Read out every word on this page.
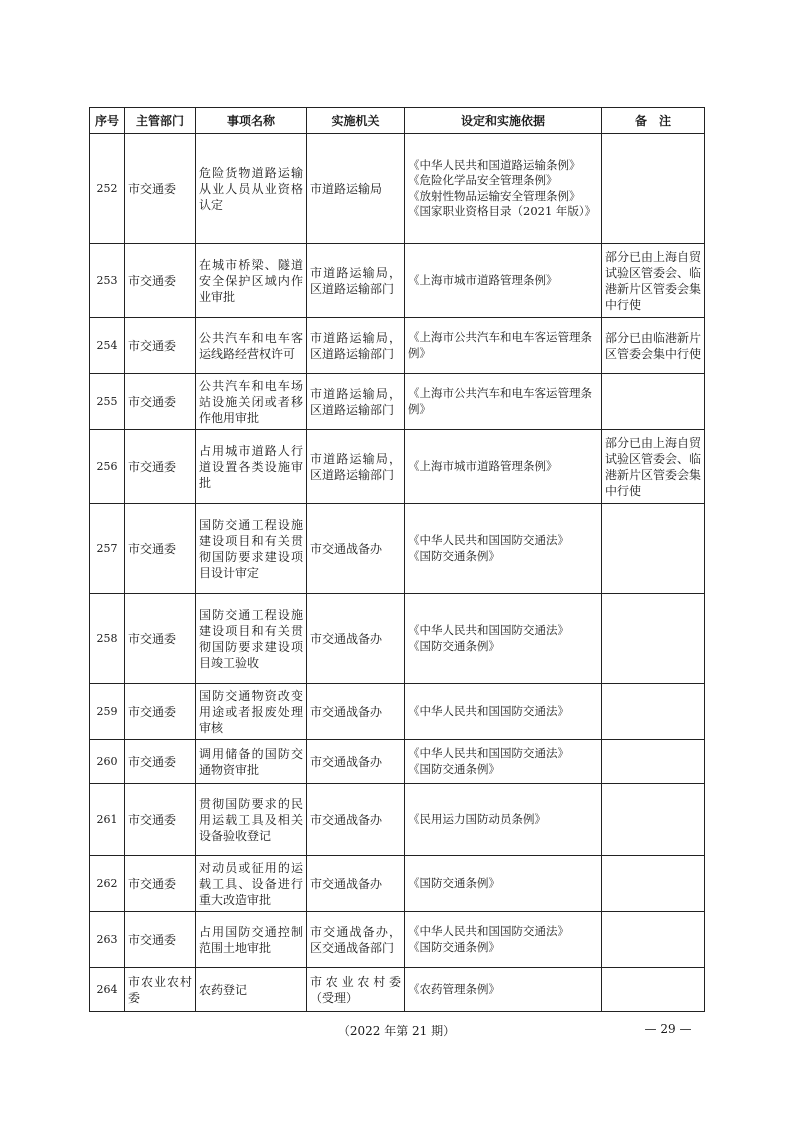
序号	主管部门	事项名称	实施机关	设定和实施依据	备　注
252	市交通委	危险货物道路运输从业人员从业资格认定	市道路运输局	《中华人民共和国道路运输条例》
《危险化学品安全管理条例》
《放射性物品运输安全管理条例》
《国家职业资格目录（2021 年版）》	

253	市交通委	在城市桥梁、隧道安全保护区域内作业审批	市道路运输局，区道路运输部门	《上海市城市道路管理条例》	部分已由上海自贸试验区管委会、临港新片区管委会集中行使
254	市交通委	公共汽车和电车客运线路经营权许可	市道路运输局，区道路运输部门	《上海市公共汽车和电车客运管理条例》	部分已由临港新片区管委会集中行使
255	市交通委	公共汽车和电车场站设施关闭或者移作他用审批	市道路运输局，区道路运输部门	《上海市公共汽车和电车客运管理条例》	

256	市交通委	占用城市道路人行道设置各类设施审批	市道路运输局，区道路运输部门	《上海市城市道路管理条例》	部分已由上海自贸试验区管委会、临港新片区管委会集中行使
257	市交通委	国防交通工程设施建设项目和有关贯彻国防要求建设项目设计审定	市交通战备办	《中华人民共和国国防交通法》
《国防交通条例》	

258	市交通委	国防交通工程设施建设项目和有关贯彻国防要求建设项目竣工验收	市交通战备办	《中华人民共和国国防交通法》
《国防交通条例》	

259	市交通委	国防交通物资改变用途或者报废处理审核	市交通战备办	《中华人民共和国国防交通法》	

260	市交通委	调用储备的国防交通物资审批	市交通战备办	《中华人民共和国国防交通法》
《国防交通条例》	

261	市交通委	贯彻国防要求的民用运载工具及相关设备验收登记	市交通战备办	《民用运力国防动员条例》	

262	市交通委	对动员或征用的运载工具、设备进行重大改造审批	市交通战备办	《国防交通条例》	

263	市交通委	占用国防交通控制范围土地审批	市交通战备办，区交通战备部门	《中华人民共和国国防交通法》
《国防交通条例》	

264	市农业农村委	农药登记	市农业农村委（受理）	《农药管理条例》	

（2022 年第 21 期）	— 29 —
